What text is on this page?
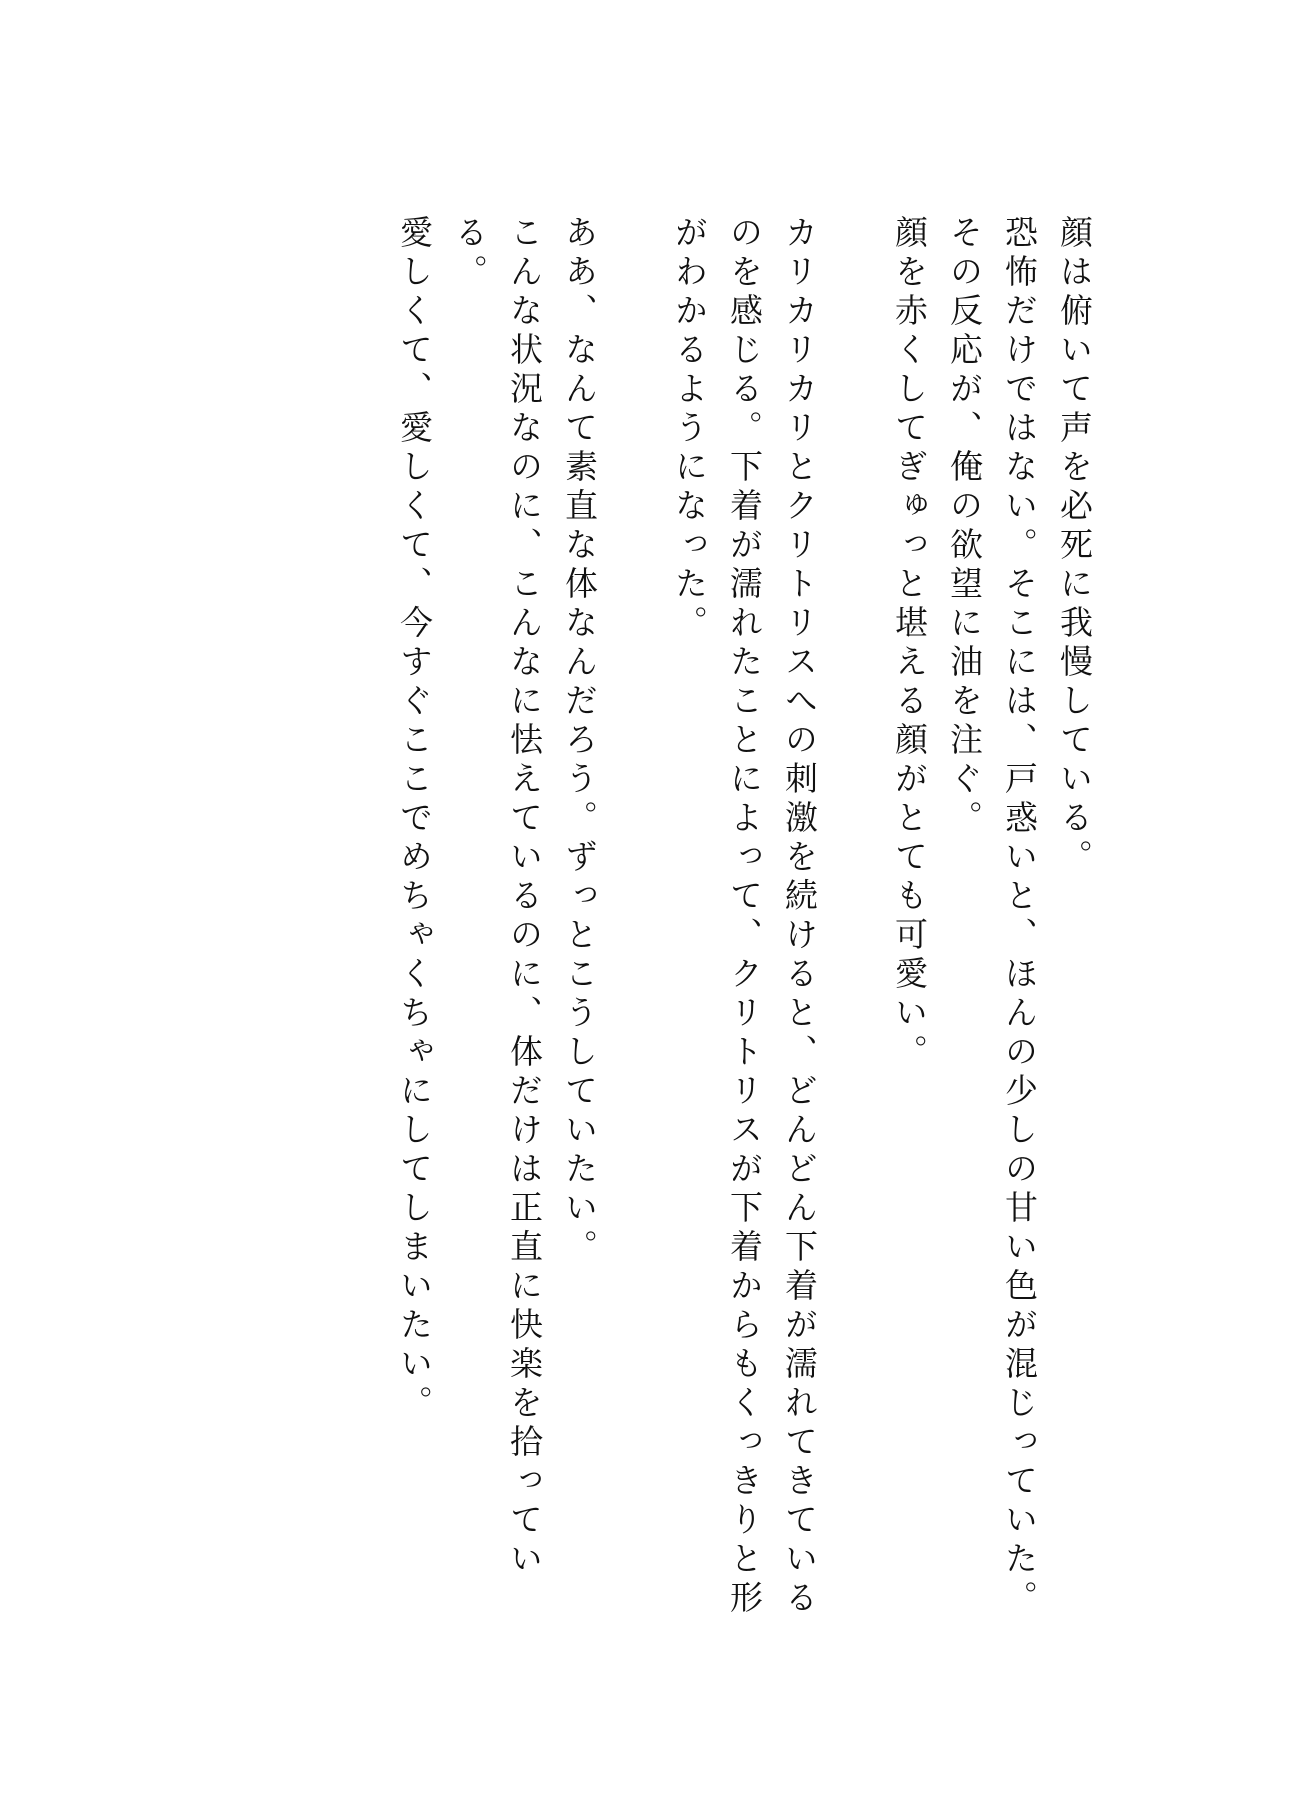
顔は俯いて声を必死に我慢している。

恐怖だけではない。そこには、戸惑いと、ほんの少しの甘い色が混じっていた。

その反応が、俺の欲望に油を注ぐ。

顔を赤くしてぎゅっと堪える顔がとても可愛い。

カリカリカリとクリトリスへの刺激を続けると、どんどん下着が濡れてきているのを感じる。下着が濡れたことによって、クリトリスが下着からもくっきりと形がわかるようになった。

ああ、なんて素直な体なんだろう。ずっとこうしていたい。

こんな状況なのに、こんなに怯えているのに、体だけは正直に快楽を拾っている。

愛しくて、愛しくて、今すぐここでめちゃくちゃにしてしまいたい。
